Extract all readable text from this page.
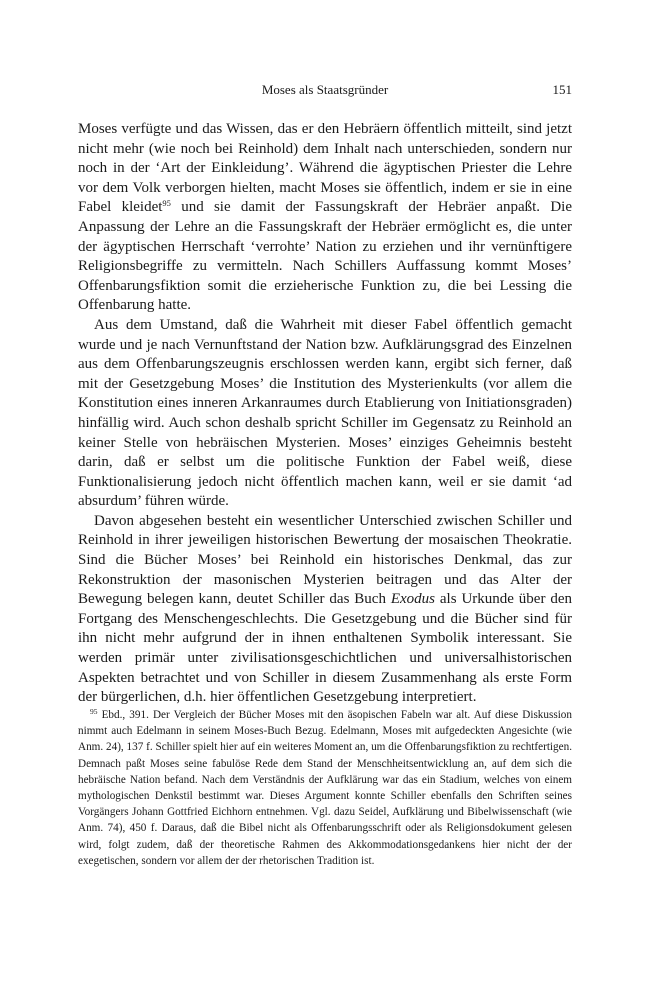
Moses als Staatsgründer	151

Moses verfügte und das Wissen, das er den Hebräern öffentlich mitteilt, sind jetzt nicht mehr (wie noch bei Reinhold) dem Inhalt nach unterschieden, sondern nur noch in der ‘Art der Einkleidung’. Während die ägyptischen Priester die Lehre vor dem Volk verborgen hielten, macht Moses sie öffentlich, indem er sie in eine Fabel kleidet$^{95}$ und sie damit der Fassungskraft der Hebräer anpaßt. Die Anpassung der Lehre an die Fassungskraft der Hebräer ermöglicht es, die unter der ägyptischen Herrschaft ‘verrohte’ Nation zu erziehen und ihr vernünftigere Religionsbegriffe zu vermitteln. Nach Schillers Auffassung kommt Moses’ Offenbarungsfiktion somit die erzieherische Funktion zu, die bei Lessing die Offenbarung hatte.

Aus dem Umstand, daß die Wahrheit mit dieser Fabel öffentlich gemacht wurde und je nach Vernunftstand der Nation bzw. Aufklärungsgrad des Einzelnen aus dem Offenbarungszeugnis erschlossen werden kann, ergibt sich ferner, daß mit der Gesetzgebung Moses’ die Institution des Mysterienkults (vor allem die Konstitution eines inneren Arkanraumes durch Etablierung von Initiationsgraden) hinfällig wird. Auch schon deshalb spricht Schiller im Gegensatz zu Reinhold an keiner Stelle von hebräischen Mysterien. Moses’ einziges Geheimnis besteht darin, daß er selbst um die politische Funktion der Fabel weiß, diese Funktionalisierung jedoch nicht öffentlich machen kann, weil er sie damit ‘ad absurdum’ führen würde.

Davon abgesehen besteht ein wesentlicher Unterschied zwischen Schiller und Reinhold in ihrer jeweiligen historischen Bewertung der mosaischen Theokratie. Sind die Bücher Moses’ bei Reinhold ein historisches Denkmal, das zur Rekonstruktion der masonischen Mysterien beitragen und das Alter der Bewegung belegen kann, deutet Schiller das Buch Exodus als Urkunde über den Fortgang des Menschengeschlechts. Die Gesetzgebung und die Bücher sind für ihn nicht mehr aufgrund der in ihnen enthaltenen Symbolik interessant. Sie werden primär unter zivilisationsgeschichtlichen und universalhistorischen Aspekten betrachtet und von Schiller in diesem Zusammenhang als erste Form der bürgerlichen, d.h. hier öffentlichen Gesetzgebung interpretiert.

$^{95}$ Ebd., 391. Der Vergleich der Bücher Moses mit den äsopischen Fabeln war alt. Auf diese Diskussion nimmt auch Edelmann in seinem Moses-Buch Bezug. Edelmann, Moses mit aufgedeckten Angesichte (wie Anm. 24), 137 f. Schiller spielt hier auf ein weiteres Moment an, um die Offenbarungsfiktion zu rechtfertigen. Demnach paßt Moses seine fabulöse Rede dem Stand der Menschheitsentwicklung an, auf dem sich die hebräische Nation befand. Nach dem Verständnis der Aufklärung war das ein Stadium, welches von einem mythologischen Denkstil bestimmt war. Dieses Argument konnte Schiller ebenfalls den Schriften seines Vorgängers Johann Gottfried Eichhorn entnehmen. Vgl. dazu Seidel, Aufklärung und Bibelwissenschaft (wie Anm. 74), 450 f. Daraus, daß die Bibel nicht als Offenbarungsschrift oder als Religionsdokument gelesen wird, folgt zudem, daß der theoretische Rahmen des Akkommodationsgedankens hier nicht der der exegetischen, sondern vor allem der der rhetorischen Tradition ist.
